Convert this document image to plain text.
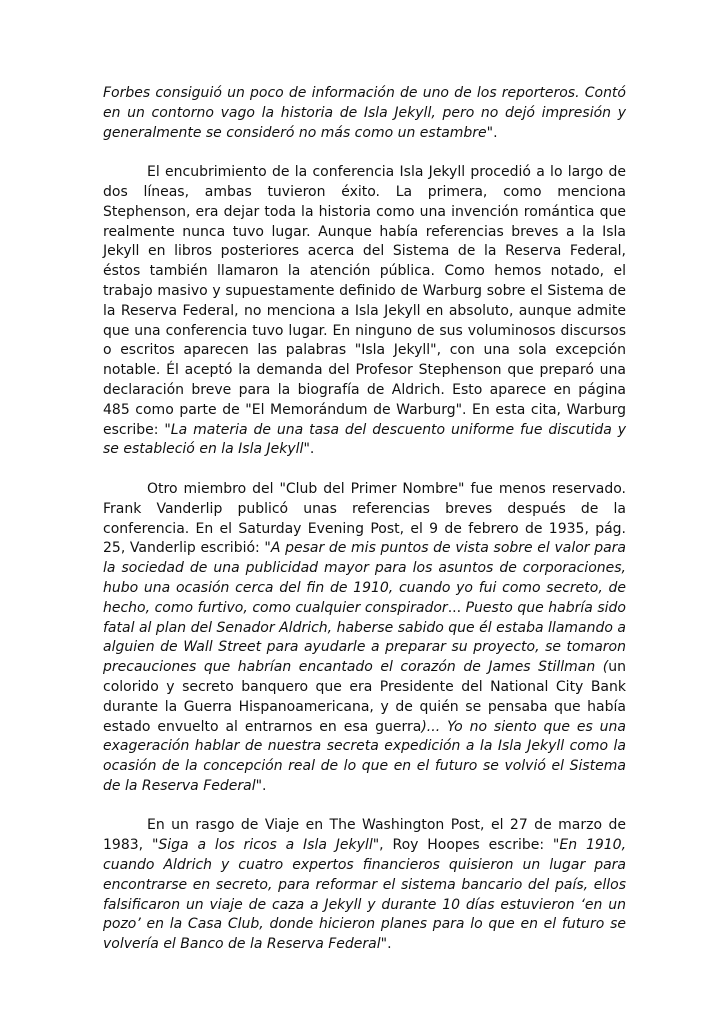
Forbes consiguió un poco de información de uno de los reporteros. Contó en un contorno vago la historia de Isla Jekyll, pero no dejó impresión y generalmente se consideró no más como un estambre".

El encubrimiento de la conferencia Isla Jekyll procedió a lo largo de dos líneas, ambas tuvieron éxito. La primera, como menciona Stephenson, era dejar toda la historia como una invención romántica que realmente nunca tuvo lugar. Aunque había referencias breves a la Isla Jekyll en libros posteriores acerca del Sistema de la Reserva Federal, éstos también llamaron la atención pública. Como hemos notado, el trabajo masivo y supuestamente definido de Warburg sobre el Sistema de la Reserva Federal, no menciona a Isla Jekyll en absoluto, aunque admite que una conferencia tuvo lugar. En ninguno de sus voluminosos discursos o escritos aparecen las palabras "Isla Jekyll", con una sola excepción notable. Él aceptó la demanda del Profesor Stephenson que preparó una declaración breve para la biografía de Aldrich. Esto aparece en página 485 como parte de "El Memorándum de Warburg". En esta cita, Warburg escribe: "La materia de una tasa del descuento uniforme fue discutida y se estableció en la Isla Jekyll".

Otro miembro del "Club del Primer Nombre" fue menos reservado. Frank Vanderlip publicó unas referencias breves después de la conferencia. En el Saturday Evening Post, el 9 de febrero de 1935, pág. 25, Vanderlip escribió: "A pesar de mis puntos de vista sobre el valor para la sociedad de una publicidad mayor para los asuntos de corporaciones, hubo una ocasión cerca del fin de 1910, cuando yo fui como secreto, de hecho, como furtivo, como cualquier conspirador... Puesto que habría sido fatal al plan del Senador Aldrich, haberse sabido que él estaba llamando a alguien de Wall Street para ayudarle a preparar su proyecto, se tomaron precauciones que habrían encantado el corazón de James Stillman (un colorido y secreto banquero que era Presidente del National City Bank durante la Guerra Hispanoamericana, y de quién se pensaba que había estado envuelto al entrarnos en esa guerra)... Yo no siento que es una exageración hablar de nuestra secreta expedición a la Isla Jekyll como la ocasión de la concepción real de lo que en el futuro se volvió el Sistema de la Reserva Federal".

En un rasgo de Viaje en The Washington Post, el 27 de marzo de 1983, "Siga a los ricos a Isla Jekyll", Roy Hoopes escribe: "En 1910, cuando Aldrich y cuatro expertos financieros quisieron un lugar para encontrarse en secreto, para reformar el sistema bancario del país, ellos falsificaron un viaje de caza a Jekyll y durante 10 días estuvieron ‘en un pozo’ en la Casa Club, donde hicieron planes para lo que en el futuro se volvería el Banco de la Reserva Federal".
